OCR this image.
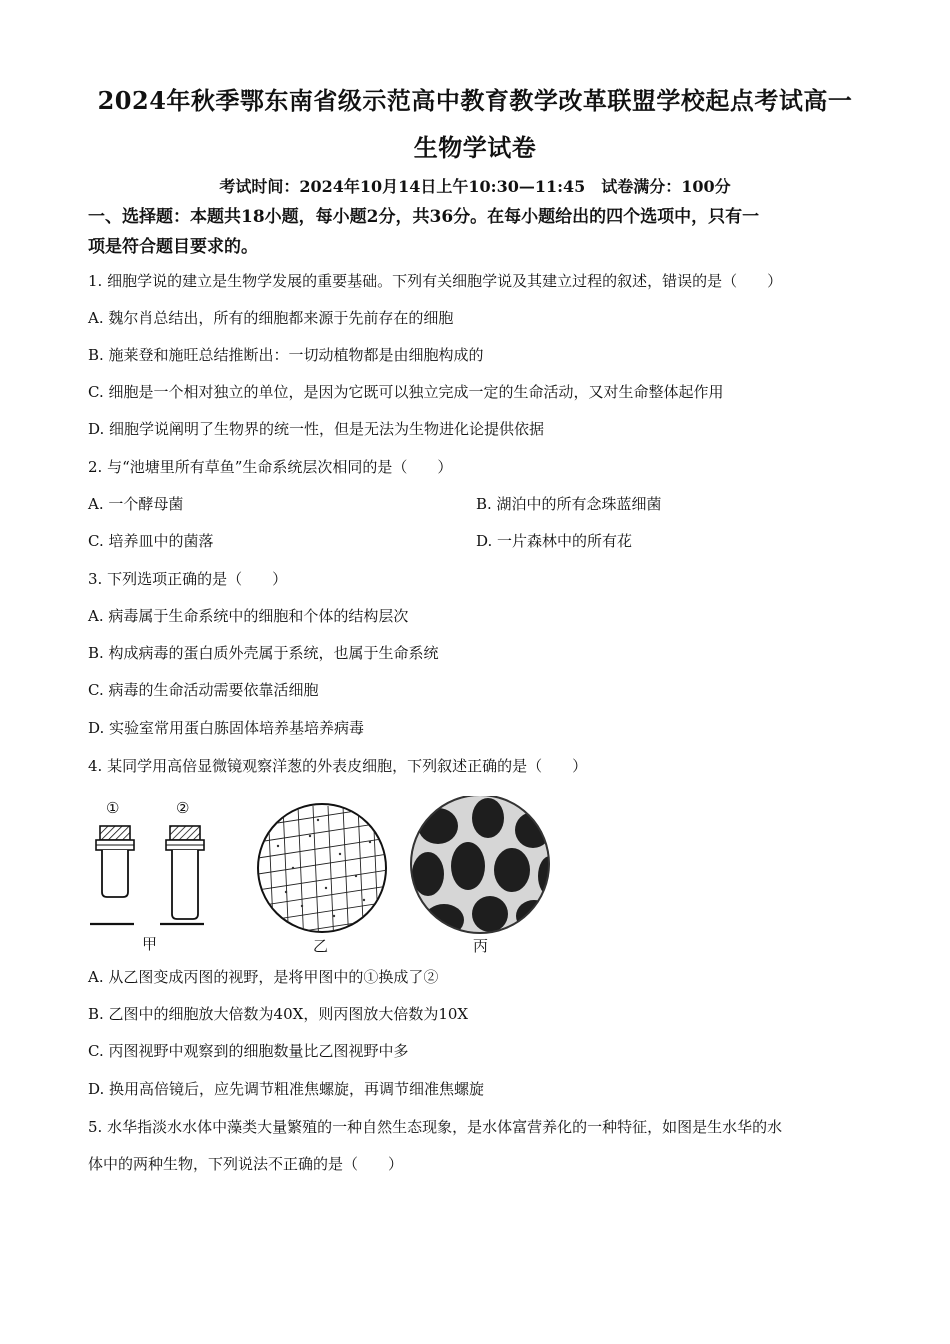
2024年秋季鄂东南省级示范高中教育教学改革联盟学校起点考试高一
生物学试卷
考试时间：2024年10月14日上午10:30—11:45　试卷满分：100分
一、选择题：本题共18小题，每小题2分，共36分。在每小题给出的四个选项中，只有一
项是符合题目要求的。
1. 细胞学说的建立是生物学发展的重要基础。下列有关细胞学说及其建立过程的叙述，错误的是（　　）
A. 魏尔肖总结出，所有的细胞都来源于先前存在的细胞
B. 施莱登和施旺总结推断出：一切动植物都是由细胞构成的
C. 细胞是一个相对独立的单位，是因为它既可以独立完成一定的生命活动，又对生命整体起作用
D. 细胞学说阐明了生物界的统一性，但是无法为生物进化论提供依据
2. 与“池塘里所有草鱼”生命系统层次相同的是（　　）
A. 一个酵母菌	B. 湖泊中的所有念珠蓝细菌
C. 培养皿中的菌落	D. 一片森林中的所有花
3. 下列选项正确的是（　　）
A. 病毒属于生命系统中的细胞和个体的结构层次
B. 构成病毒的蛋白质外壳属于系统，也属于生命系统
C. 病毒的生命活动需要依靠活细胞
D. 实验室常用蛋白胨固体培养基培养病毒
4. 某同学用高倍显微镜观察洋葱的外表皮细胞，下列叙述正确的是（　　）
①	②
甲	乙	丙
A. 从乙图变成丙图的视野，是将甲图中的①换成了②
B. 乙图中的细胞放大倍数为40X，则丙图放大倍数为10X
C. 丙图视野中观察到的细胞数量比乙图视野中多
D. 换用高倍镜后，应先调节粗准焦螺旋，再调节细准焦螺旋
5. 水华指淡水水体中藻类大量繁殖的一种自然生态现象，是水体富营养化的一种特征，如图是生水华的水
体中的两种生物，下列说法不正确的是（　　）
